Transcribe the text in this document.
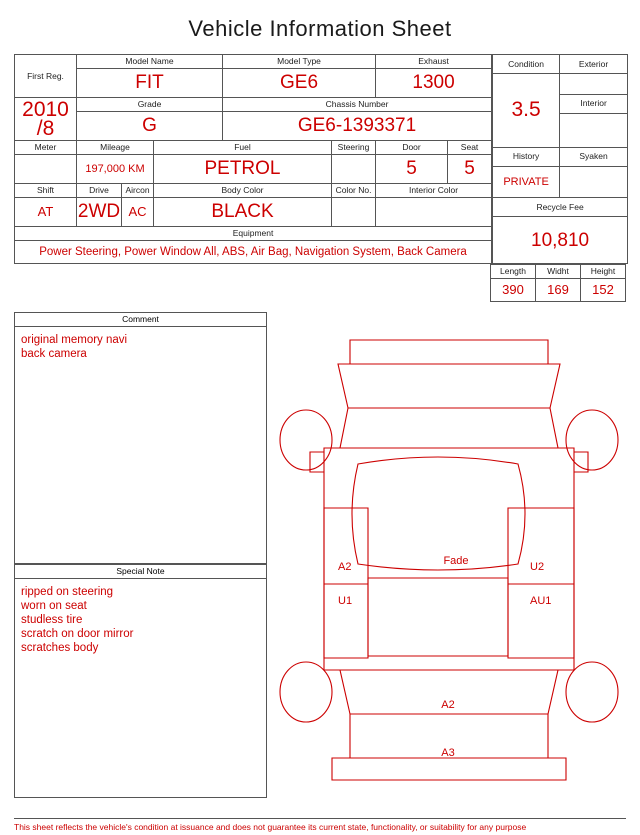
Vehicle Information Sheet
First Reg.	Model Name			Model Type		Exhaust	
	FIT			GE6		1300	

2010
/8	Grade			Chassis Number			
	G			GE6-1393371			
Meter	Mileage		Fuel		Steering	Door	Seat
	197,000 KM		PETROL			5	5
Shift	Drive	Aircon	Body Color		Color No.	Interior Color	
AT	2WD	AC	BLACK				
Equipment							
Power Steering, Power Window All, ABS, Air Bag, Navigation System, Back Camera							
Condition	Exterior
3.5	
	Interior

History	Syaken
PRIVATE	
Recycle Fee	
10,810	
Length	Widht	Height
390	169	152
Comment
original memory navi
back camera
Special Note
ripped on steering
worn on seat
studless tire
scratch on door mirror
scratches body
A2
U1
Fade	U2
AU1
A2
A3
This sheet reflects the vehicle's condition at issuance and does not guarantee its current state, functionality, or suitability for any purpose
